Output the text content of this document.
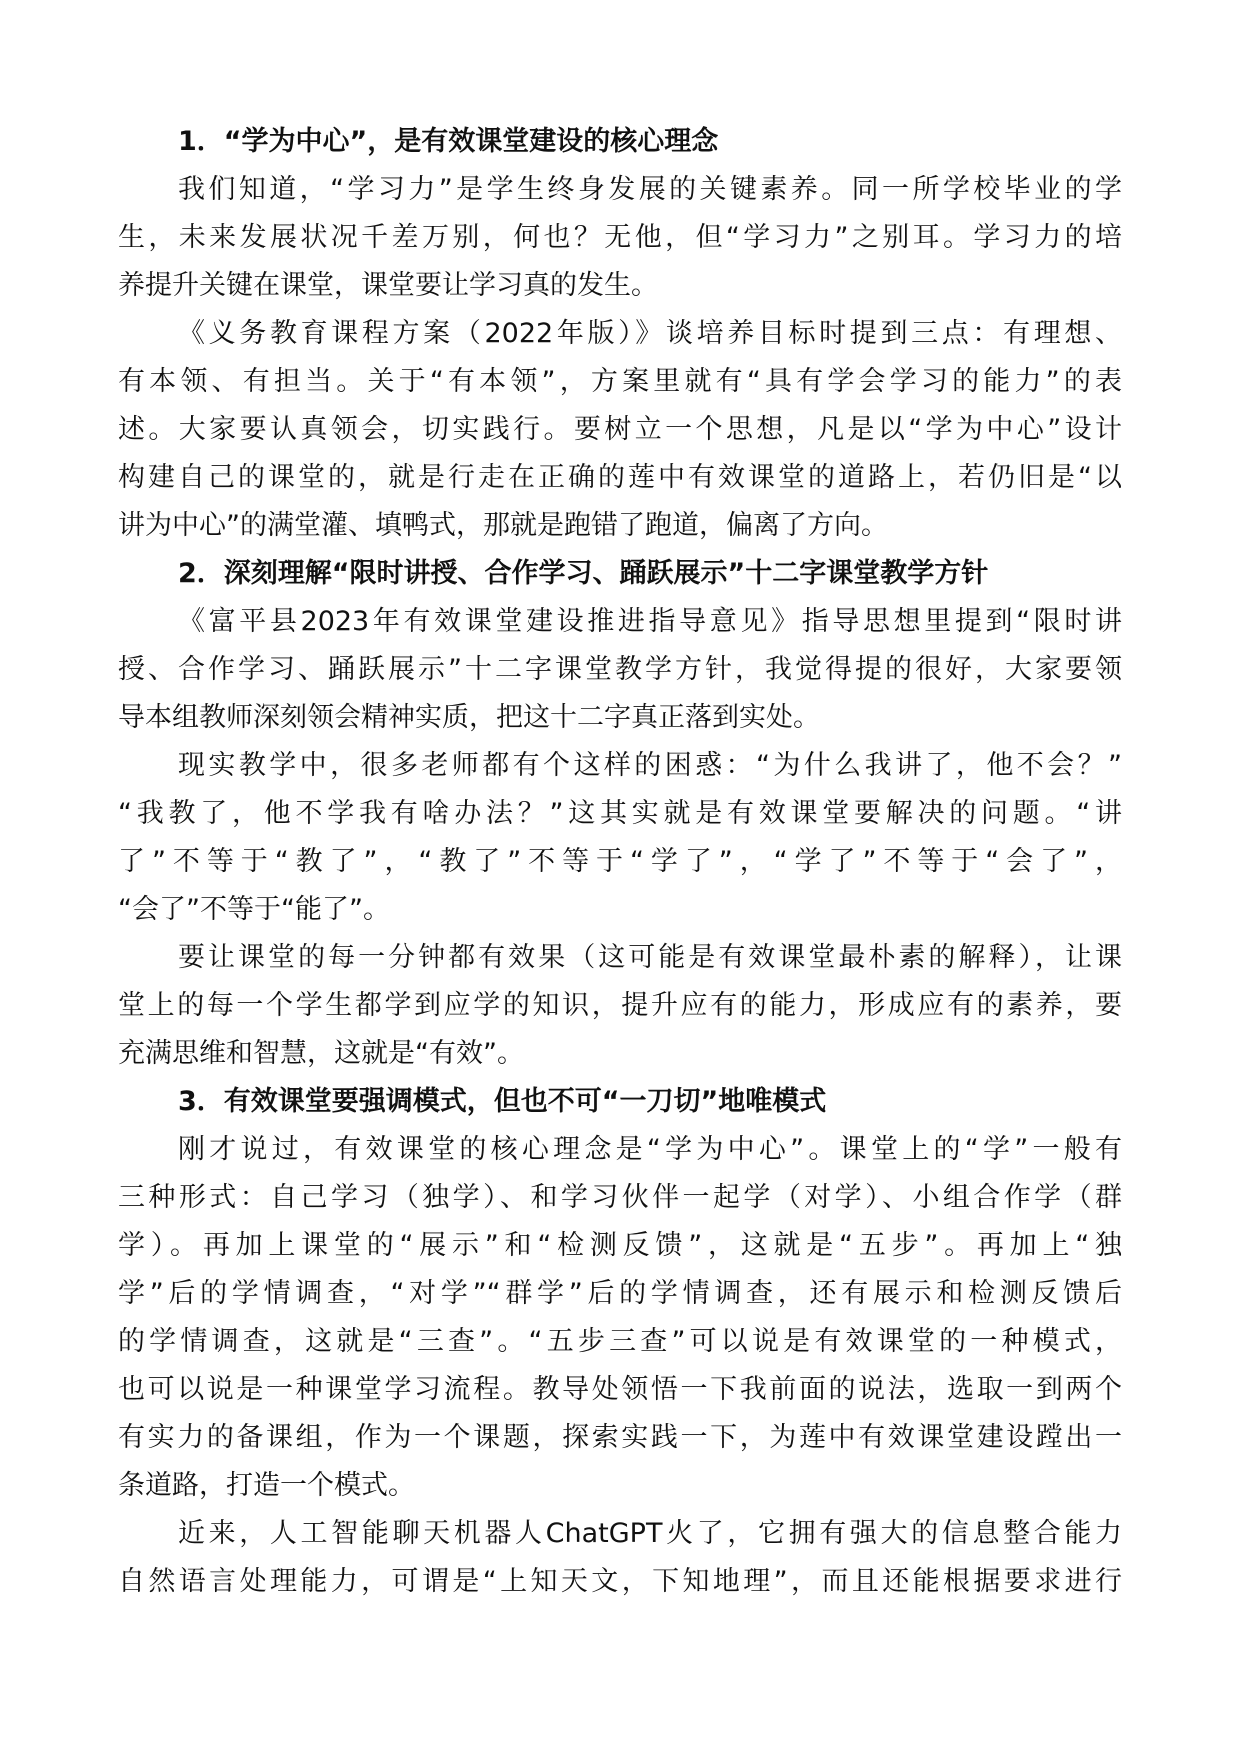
1．“学为中心”，是有效课堂建设的核心理念
我们知道，“学习力”是学生终身发展的关键素养。同一所学校毕业的学
生，未来发展状况千差万别，何也？无他，但“学习力”之别耳。学习力的培
养提升关键在课堂，课堂要让学习真的发生。
《义务教育课程方案（2022年版）》谈培养目标时提到三点：有理想、
有本领、有担当。关于“有本领”，方案里就有“具有学会学习的能力”的表
述。大家要认真领会，切实践行。要树立一个思想，凡是以“学为中心”设计
构建自己的课堂的，就是行走在正确的莲中有效课堂的道路上，若仍旧是“以
讲为中心”的满堂灌、填鸭式，那就是跑错了跑道，偏离了方向。
2．深刻理解“限时讲授、合作学习、踊跃展示”十二字课堂教学方针
《富平县2023年有效课堂建设推进指导意见》指导思想里提到“限时讲
授、合作学习、踊跃展示”十二字课堂教学方针，我觉得提的很好，大家要领
导本组教师深刻领会精神实质，把这十二字真正落到实处。
现实教学中，很多老师都有个这样的困惑：“为什么我讲了，他不会？”
“我教了，他不学我有啥办法？”这其实就是有效课堂要解决的问题。“讲
了”不等于“教了”，“教了”不等于“学了”，“学了”不等于“会了”，
“会了”不等于“能了”。
要让课堂的每一分钟都有效果（这可能是有效课堂最朴素的解释），让课
堂上的每一个学生都学到应学的知识，提升应有的能力，形成应有的素养，要
充满思维和智慧，这就是“有效”。
3．有效课堂要强调模式，但也不可“一刀切”地唯模式
刚才说过，有效课堂的核心理念是“学为中心”。课堂上的“学”一般有
三种形式：自己学习（独学）、和学习伙伴一起学（对学）、小组合作学（群
学）。再加上课堂的“展示”和“检测反馈”，这就是“五步”。再加上“独
学”后的学情调查，“对学”“群学”后的学情调查，还有展示和检测反馈后
的学情调查，这就是“三查”。“五步三查”可以说是有效课堂的一种模式，
也可以说是一种课堂学习流程。教导处领悟一下我前面的说法，选取一到两个
有实力的备课组，作为一个课题，探索实践一下，为莲中有效课堂建设蹚出一
条道路，打造一个模式。
近来，人工智能聊天机器人ChatGPT火了，它拥有强大的信息整合能力
自然语言处理能力，可谓是“上知天文，下知地理”，而且还能根据要求进行
